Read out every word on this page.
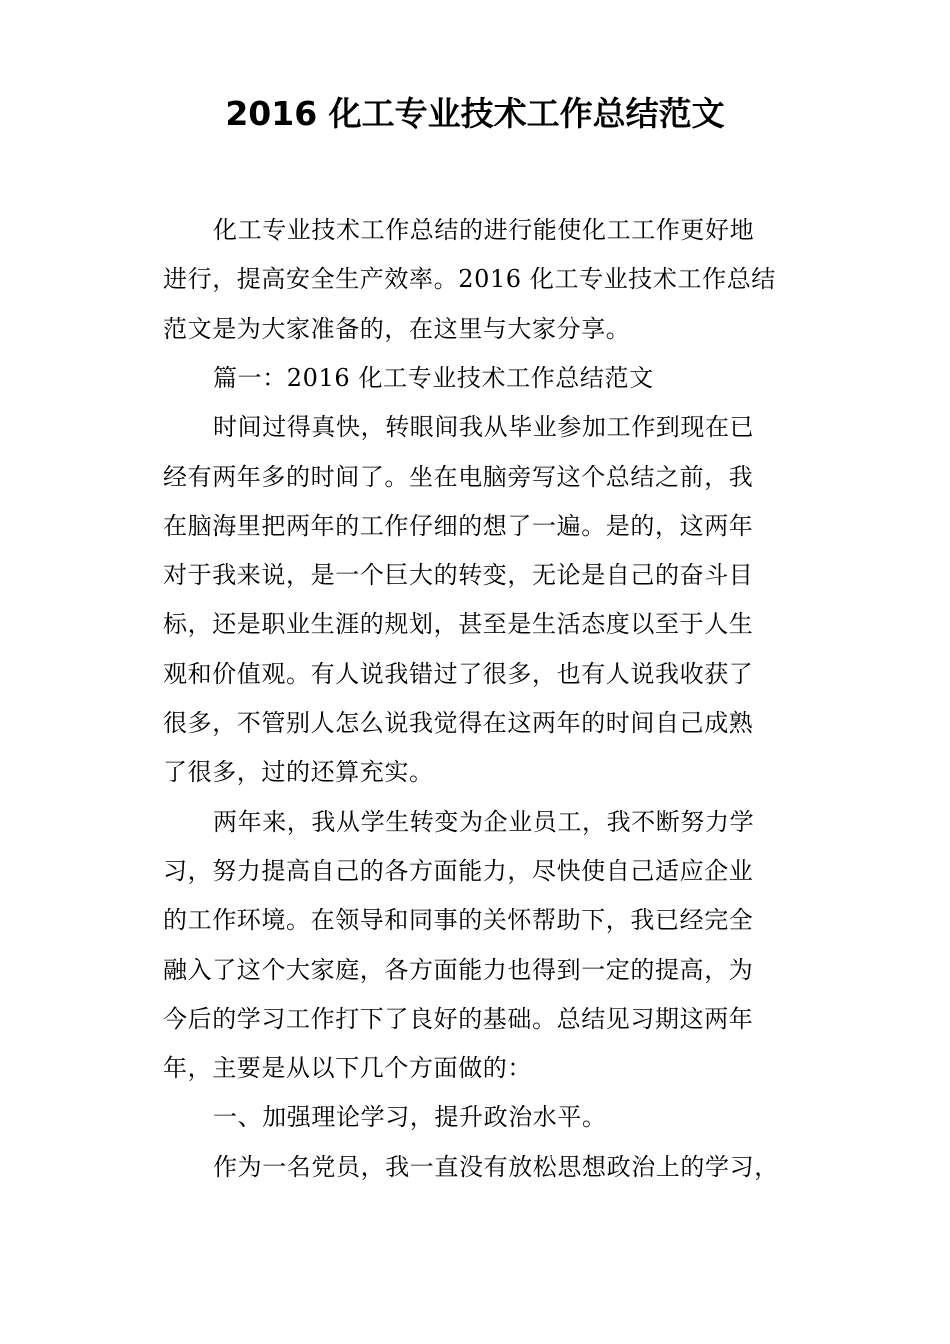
2016 化工专业技术工作总结范文
化工专业技术工作总结的进行能使化工工作更好地
进行，提高安全生产效率。2016 化工专业技术工作总结
范文是为大家准备的，在这里与大家分享。
篇一：2016 化工专业技术工作总结范文
时间过得真快，转眼间我从毕业参加工作到现在已
经有两年多的时间了。坐在电脑旁写这个总结之前，我
在脑海里把两年的工作仔细的想了一遍。是的，这两年
对于我来说，是一个巨大的转变，无论是自己的奋斗目
标，还是职业生涯的规划，甚至是生活态度以至于人生
观和价值观。有人说我错过了很多，也有人说我收获了
很多，不管别人怎么说我觉得在这两年的时间自己成熟
了很多，过的还算充实。
两年来，我从学生转变为企业员工，我不断努力学
习，努力提高自己的各方面能力，尽快使自己适应企业
的工作环境。在领导和同事的关怀帮助下，我已经完全
融入了这个大家庭，各方面能力也得到一定的提高，为
今后的学习工作打下了良好的基础。总结见习期这两年
年，主要是从以下几个方面做的：
一、加强理论学习，提升政治水平。
作为一名党员，我一直没有放松思想政治上的学习，
